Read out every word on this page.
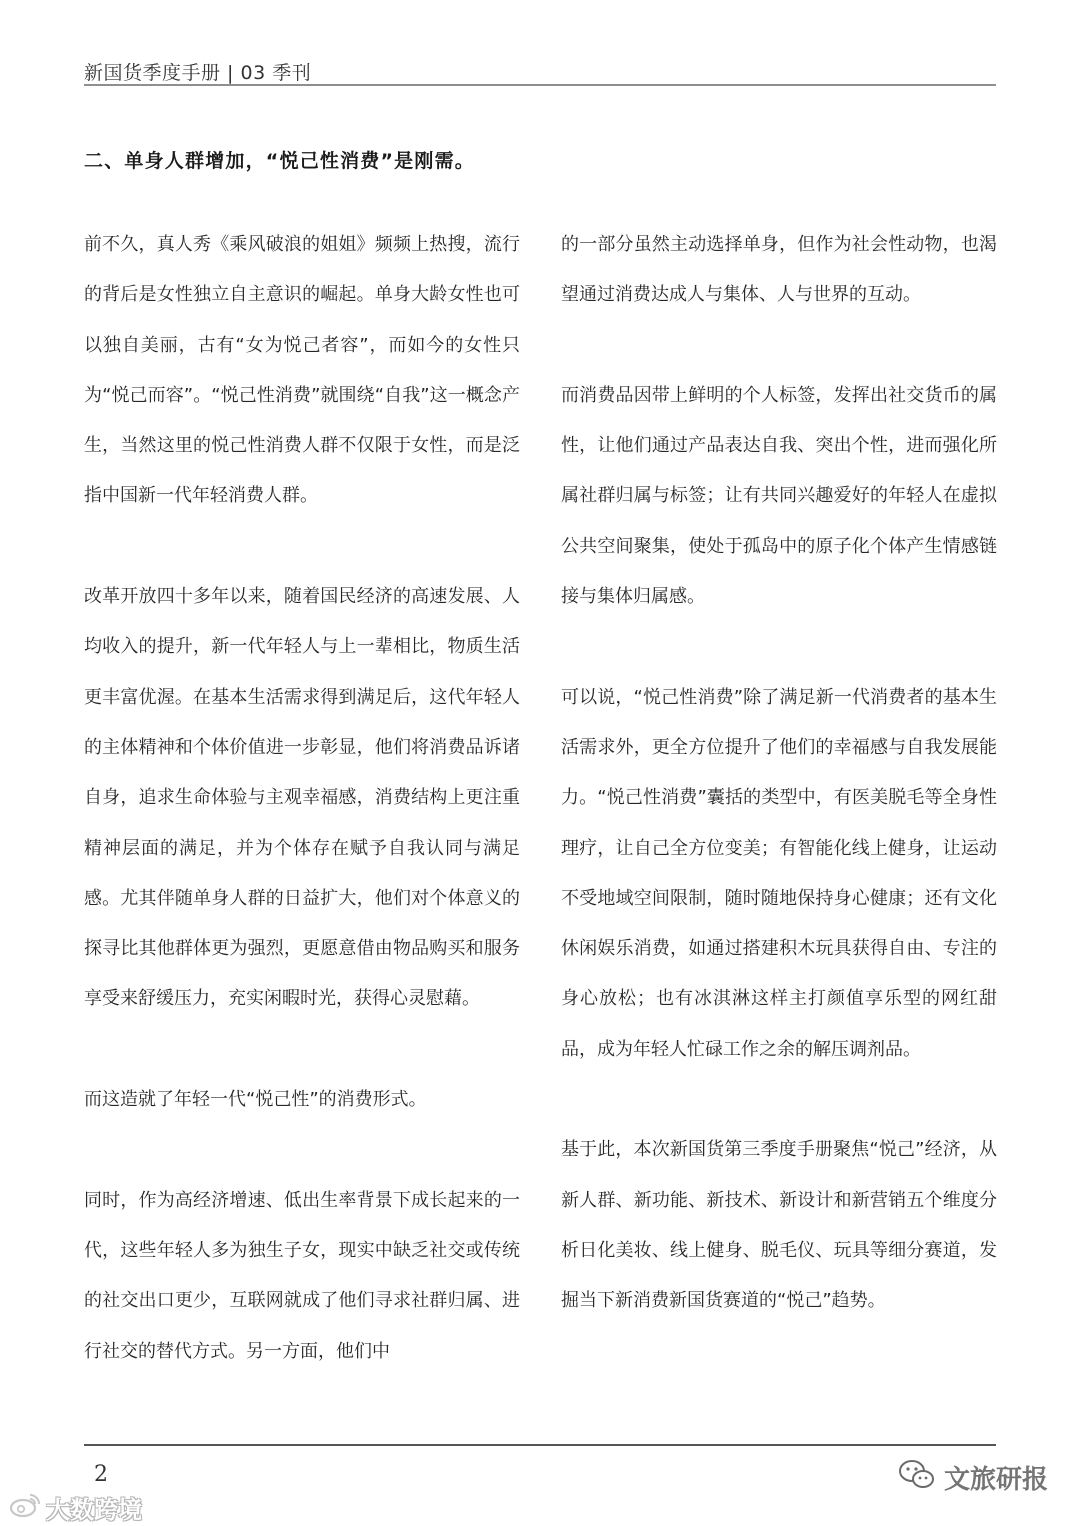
新国货季度手册 | 03 季刊
二、单身人群增加，“悦己性消费”是刚需。

前不久，真人秀《乘风破浪的姐姐》频频上热搜，流行的背后是女性独立自主意识的崛起。单身大龄女性也可以独自美丽，古有“女为悦己者容”，而如今的女性只为“悦己而容”。“悦己性消费”就围绕“自我”这一概念产生，当然这里的悦己性消费人群不仅限于女性，而是泛指中国新一代年轻消费人群。

改革开放四十多年以来，随着国民经济的高速发展、人均收入的提升，新一代年轻人与上一辈相比，物质生活更丰富优渥。在基本生活需求得到满足后，这代年轻人的主体精神和个体价值进一步彰显，他们将消费品诉诸自身，追求生命体验与主观幸福感，消费结构上更注重精神层面的满足，并为个体存在赋予自我认同与满足感。尤其伴随单身人群的日益扩大，他们对个体意义的探寻比其他群体更为强烈，更愿意借由物品购买和服务享受来舒缓压力，充实闲暇时光，获得心灵慰藉。

而这造就了年轻一代“悦己性”的消费形式。

同时，作为高经济增速、低出生率背景下成长起来的一代，这些年轻人多为独生子女，现实中缺乏社交或传统的社交出口更少，互联网就成了他们寻求社群归属、进行社交的替代方式。另一方面，他们中

的一部分虽然主动选择单身，但作为社会性动物，也渴望通过消费达成人与集体、人与世界的互动。

而消费品因带上鲜明的个人标签，发挥出社交货币的属性，让他们通过产品表达自我、突出个性，进而强化所属社群归属与标签；让有共同兴趣爱好的年轻人在虚拟公共空间聚集，使处于孤岛中的原子化个体产生情感链接与集体归属感。

可以说，“悦己性消费”除了满足新一代消费者的基本生活需求外，更全方位提升了他们的幸福感与自我发展能力。“悦己性消费”囊括的类型中，有医美脱毛等全身性理疗，让自己全方位变美；有智能化线上健身，让运动不受地域空间限制，随时随地保持身心健康；还有文化休闲娱乐消费，如通过搭建积木玩具获得自由、专注的身心放松；也有冰淇淋这样主打颜值享乐型的网红甜品，成为年轻人忙碌工作之余的解压调剂品。

基于此，本次新国货第三季度手册聚焦“悦己”经济，从新人群、新功能、新技术、新设计和新营销五个维度分析日化美妆、线上健身、脱毛仪、玩具等细分赛道，发掘当下新消费新国货赛道的“悦己”趋势。

2
大数跨境
文旅研报
